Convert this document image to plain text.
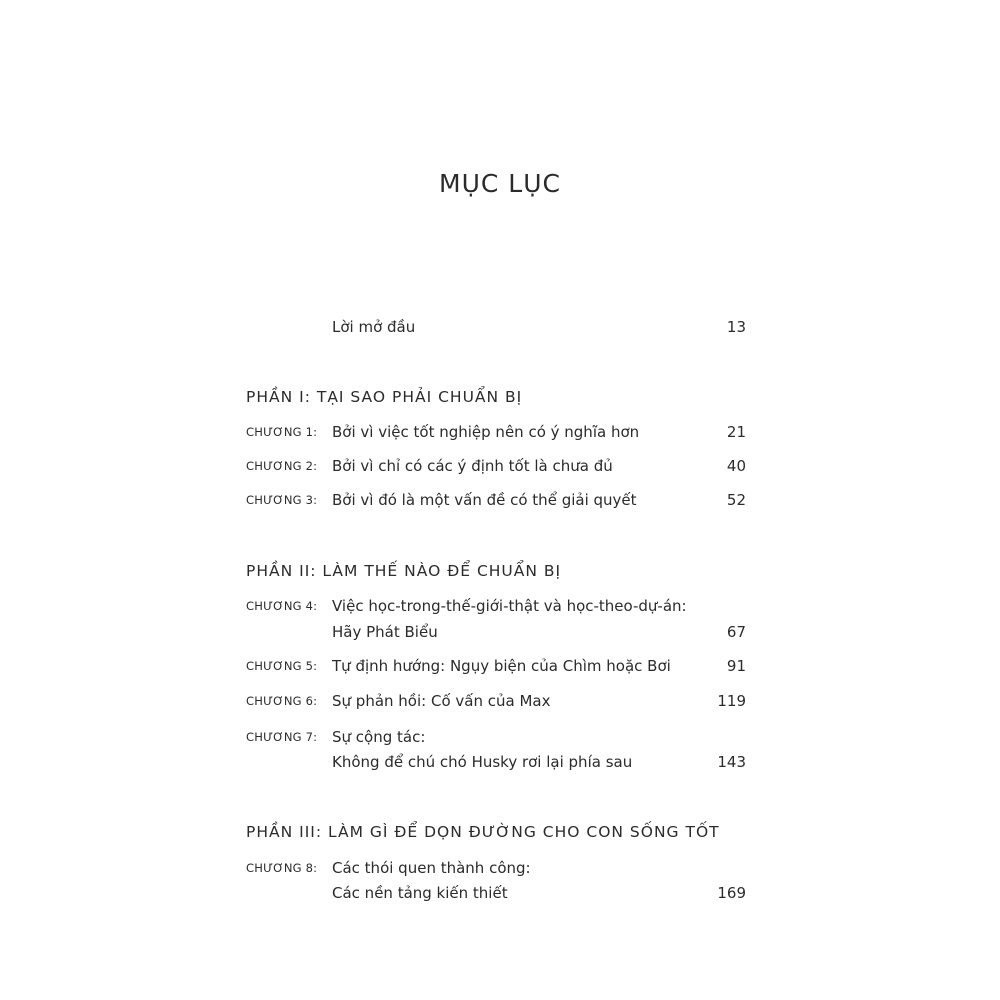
MỤC LỤC
Lời mở đầu	13
PHẦN I: TẠI SAO PHẢI CHUẨN BỊ
CHƯƠNG 1: Bởi vì việc tốt nghiệp nên có ý nghĩa hơn	21
CHƯƠNG 2: Bởi vì chỉ có các ý định tốt là chưa đủ	40
CHƯƠNG 3: Bởi vì đó là một vấn đề có thể giải quyết	52
PHẦN II: LÀM THẾ NÀO ĐỂ CHUẨN BỊ
CHƯƠNG 4: Việc học-trong-thế-giới-thật và học-theo-dự-án:
Hãy Phát Biểu	67
CHƯƠNG 5: Tự định hướng: Ngụy biện của Chìm hoặc Bơi	91
CHƯƠNG 6: Sự phản hồi: Cố vấn của Max	119
CHƯƠNG 7: Sự cộng tác:
Không để chú chó Husky rơi lại phía sau	143
PHẦN III: LÀM GÌ ĐỂ DỌN ĐƯỜNG CHO CON SỐNG TỐT
CHƯƠNG 8: Các thói quen thành công:
Các nền tảng kiến thiết	169
